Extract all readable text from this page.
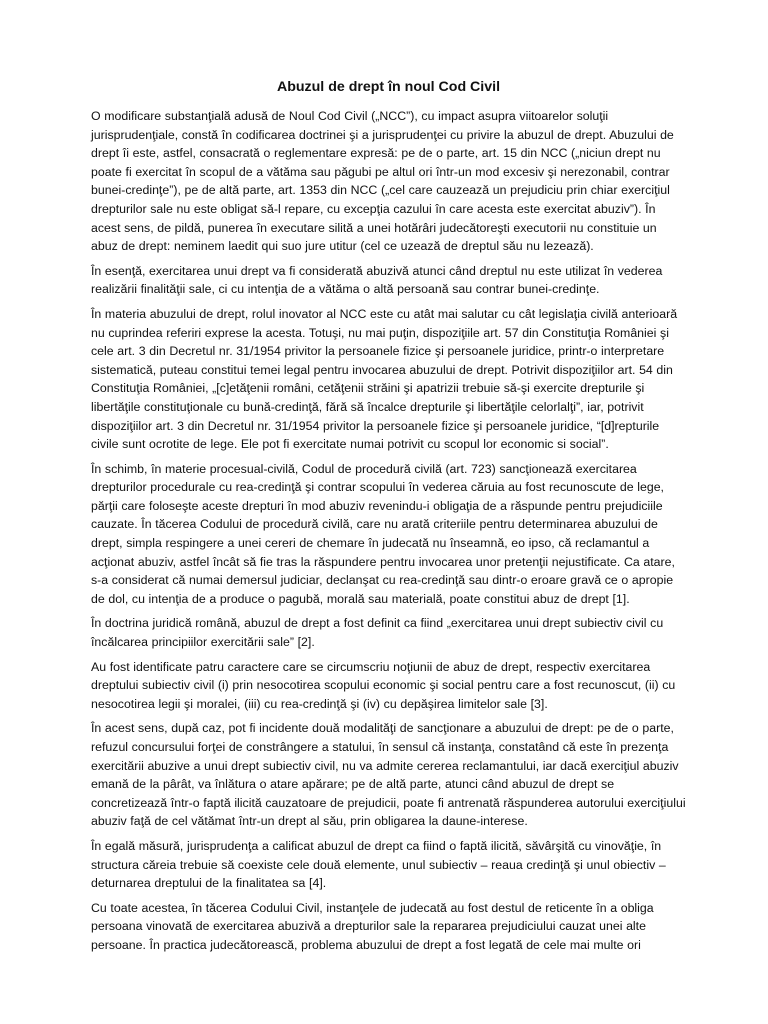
Abuzul de drept în noul Cod Civil

O modificare substanţială adusă de Noul Cod Civil („NCC”), cu impact asupra viitoarelor soluţii jurisprudenţiale, constă în codificarea doctrinei şi a jurisprudenţei cu privire la abuzul de drept. Abuzului de drept îi este, astfel, consacrată o reglementare expresă: pe de o parte, art. 15 din NCC („niciun drept nu poate fi exercitat în scopul de a vătăma sau păgubi pe altul ori într-un mod excesiv şi nerezonabil, contrar bunei-credinţe”), pe de altă parte, art. 1353 din NCC („cel care cauzează un prejudiciu prin chiar exerciţiul drepturilor sale nu este obligat să-l repare, cu excepţia cazului în care acesta este exercitat abuziv”). În acest sens, de pildă, punerea în executare silită a unei hotărâri judecătoreşti executorii nu constituie un abuz de drept: neminem laedit qui suo jure utitur (cel ce uzează de dreptul său nu lezează).

În esenţă, exercitarea unui drept va fi considerată abuzivă atunci când dreptul nu este utilizat în vederea realizării finalităţii sale, ci cu intenţia de a vătăma o altă persoană sau contrar bunei-credinţe.

În materia abuzului de drept, rolul inovator al NCC este cu atât mai salutar cu cât legislaţia civilă anterioară nu cuprindea referiri exprese la acesta. Totuşi, nu mai puţin, dispoziţiile art. 57 din Constituţia României şi cele art. 3 din Decretul nr. 31/1954 privitor la persoanele fizice şi persoanele juridice, printr-o interpretare sistematică, puteau constitui temei legal pentru invocarea abuzului de drept. Potrivit dispoziţiilor art. 54 din Constituţia României, „[c]etăţenii români, cetăţenii străini şi apatrizii trebuie să-şi exercite drepturile şi libertăţile constituţionale cu bună-credinţă, fără să încalce drepturile şi libertăţile celorlalţi”, iar, potrivit dispoziţiilor art. 3 din Decretul nr. 31/1954 privitor la persoanele fizice şi persoanele juridice, “[d]repturile civile sunt ocrotite de lege. Ele pot fi exercitate numai potrivit cu scopul lor economic si social”.

În schimb, în materie procesual-civilă, Codul de procedură civilă (art. 723) sancţionează exercitarea drepturilor procedurale cu rea-credinţă şi contrar scopului în vederea căruia au fost recunoscute de lege, părţii care foloseşte aceste drepturi în mod abuziv revenindu-i obligaţia de a răspunde pentru prejudiciile cauzate. În tăcerea Codului de procedură civilă, care nu arată criteriile pentru determinarea abuzului de drept, simpla respingere a unei cereri de chemare în judecată nu înseamnă, eo ipso, că reclamantul a acţionat abuziv, astfel încât să fie tras la răspundere pentru invocarea unor pretenţii nejustificate. Ca atare, s-a considerat că numai demersul judiciar, declanşat cu rea-credinţă sau dintr-o eroare gravă ce o apropie de dol, cu intenţia de a produce o pagubă, morală sau materială, poate constitui abuz de drept [1].

În doctrina juridică română, abuzul de drept a fost definit ca fiind „exercitarea unui drept subiectiv civil cu încălcarea principiilor exercitării sale” [2].

Au fost identificate patru caractere care se circumscriu noţiunii de abuz de drept, respectiv exercitarea dreptului subiectiv civil (i) prin nesocotirea scopului economic şi social pentru care a fost recunoscut, (ii) cu nesocotirea legii şi moralei, (iii) cu rea-credinţă şi (iv) cu depăşirea limitelor sale [3].

În acest sens, după caz, pot fi incidente două modalităţi de sancţionare a abuzului de drept: pe de o parte, refuzul concursului forţei de constrângere a statului, în sensul că instanţa, constatând că este în prezenţa exercitării abuzive a unui drept subiectiv civil, nu va admite cererea reclamantului, iar dacă exerciţiul abuziv emană de la pârât, va înlătura o atare apărare; pe de altă parte, atunci când abuzul de drept se concretizează într-o faptă ilicită cauzatoare de prejudicii, poate fi antrenată răspunderea autorului exerciţiului abuziv faţă de cel vătămat într-un drept al său, prin obligarea la daune-interese.

În egală măsură, jurisprudenţa a calificat abuzul de drept ca fiind o faptă ilicită, săvârşită cu vinovăţie, în structura căreia trebuie să coexiste cele două elemente, unul subiectiv – reaua credinţă şi unul obiectiv – deturnarea dreptului de la finalitatea sa [4].

Cu toate acestea, în tăcerea Codului Civil, instanţele de judecată au fost destul de reticente în a obliga persoana vinovată de exercitarea abuzivă a drepturilor sale la repararea prejudiciului cauzat unei alte persoane. În practica judecătorească, problema abuzului de drept a fost legată de cele mai multe ori
